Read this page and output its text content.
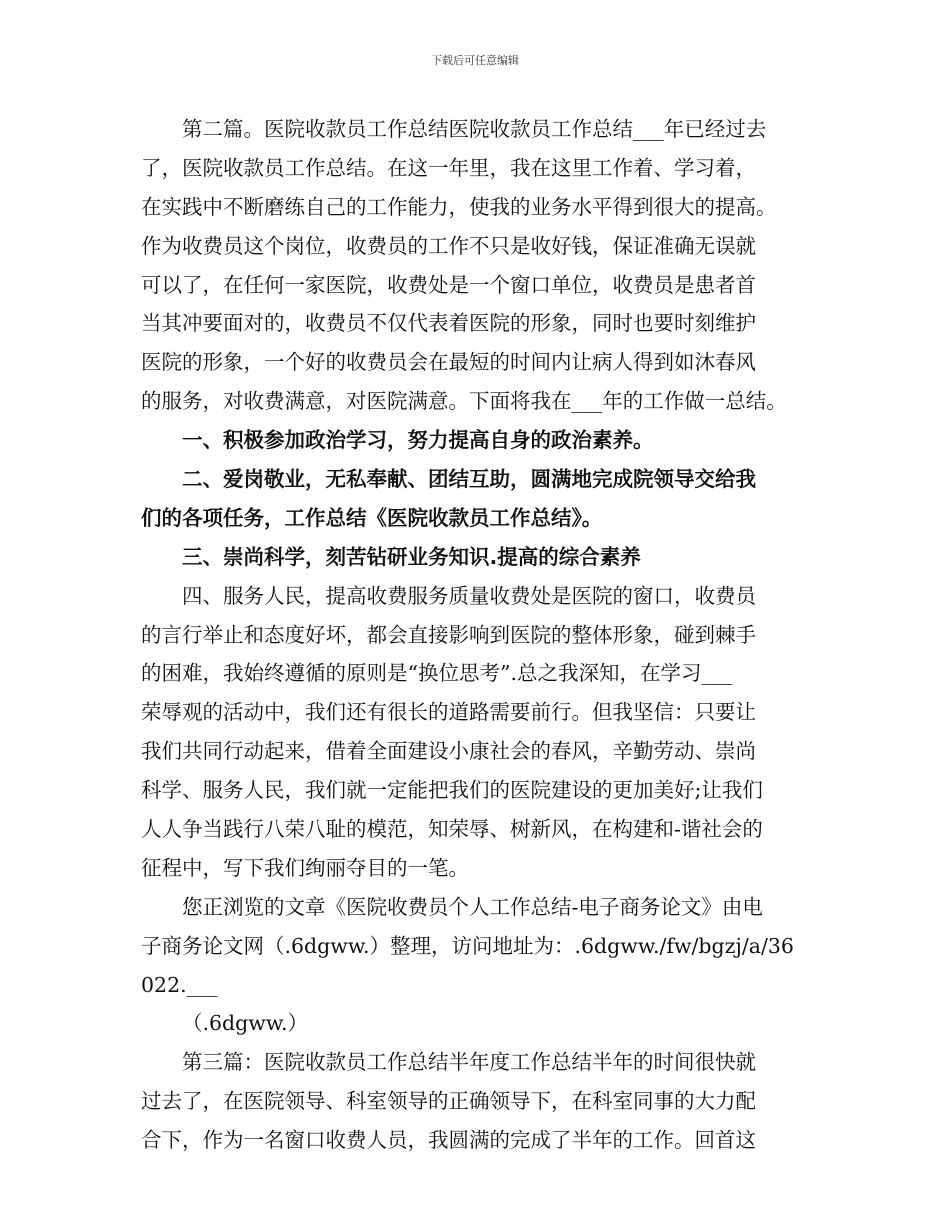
下载后可任意编辑
第二篇。医院收款员工作总结医院收款员工作总结___年已经过去
了，医院收款员工作总结。在这一年里，我在这里工作着、学习着，
在实践中不断磨练自己的工作能力，使我的业务水平得到很大的提高。
作为收费员这个岗位，收费员的工作不只是收好钱，保证准确无误就
可以了，在任何一家医院，收费处是一个窗口单位，收费员是患者首
当其冲要面对的，收费员不仅代表着医院的形象，同时也要时刻维护
医院的形象，一个好的收费员会在最短的时间内让病人得到如沐春风
的服务，对收费满意，对医院满意。下面将我在___年的工作做一总结。
一、积极参加政治学习，努力提高自身的政治素养。
二、爱岗敬业，无私奉献、团结互助，圆满地完成院领导交给我
们的各项任务，工作总结《医院收款员工作总结》。
三、崇尚科学，刻苦钻研业务知识.提高的综合素养
四、服务人民，提高收费服务质量收费处是医院的窗口，收费员
的言行举止和态度好坏，都会直接影响到医院的整体形象，碰到棘手
的困难，我始终遵循的原则是“换位思考”.总之我深知，在学习___
荣辱观的活动中，我们还有很长的道路需要前行。但我坚信：只要让
我们共同行动起来，借着全面建设小康社会的春风，辛勤劳动、崇尚
科学、服务人民，我们就一定能把我们的医院建设的更加美好;让我们
人人争当践行八荣八耻的模范，知荣辱、树新风，在构建和-谐社会的
征程中，写下我们绚丽夺目的一笔。
您正浏览的文章《医院收费员个人工作总结-电子商务论文》由电
子商务论文网（.6dgww.）整理，访问地址为：.6dgww./fw/bgzj/a/36
022.___
（.6dgww.）
第三篇：医院收款员工作总结半年度工作总结半年的时间很快就
过去了，在医院领导、科室领导的正确领导下，在科室同事的大力配
合下，作为一名窗口收费人员，我圆满的完成了半年的工作。回首这
